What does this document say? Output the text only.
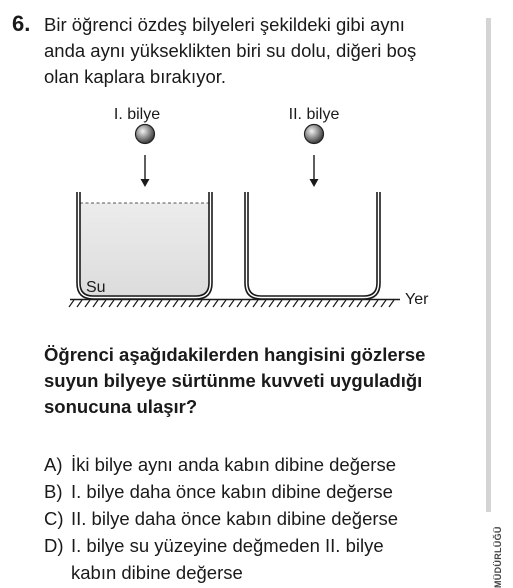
6. Bir öğrenci özdeş bilyeleri şekildeki gibi aynı
anda aynı yükseklikten biri su dolu, diğeri boş
olan kaplara bırakıyor.
I. bilye	II. bilye
Su
Yer
Öğrenci aşağıdakilerden hangisini gözlerse
suyun bilyeye sürtünme kuvveti uyguladığı
sonucuna ulaşır?
A) İki bilye aynı anda kabın dibine değerse
B) I. bilye daha önce kabın dibine değerse
C) II. bilye daha önce kabın dibine değerse
D) I. bilye su yüzeyine değmeden II. bilye
kabın dibine değerse	MÜDÜRLÜĞÜ
